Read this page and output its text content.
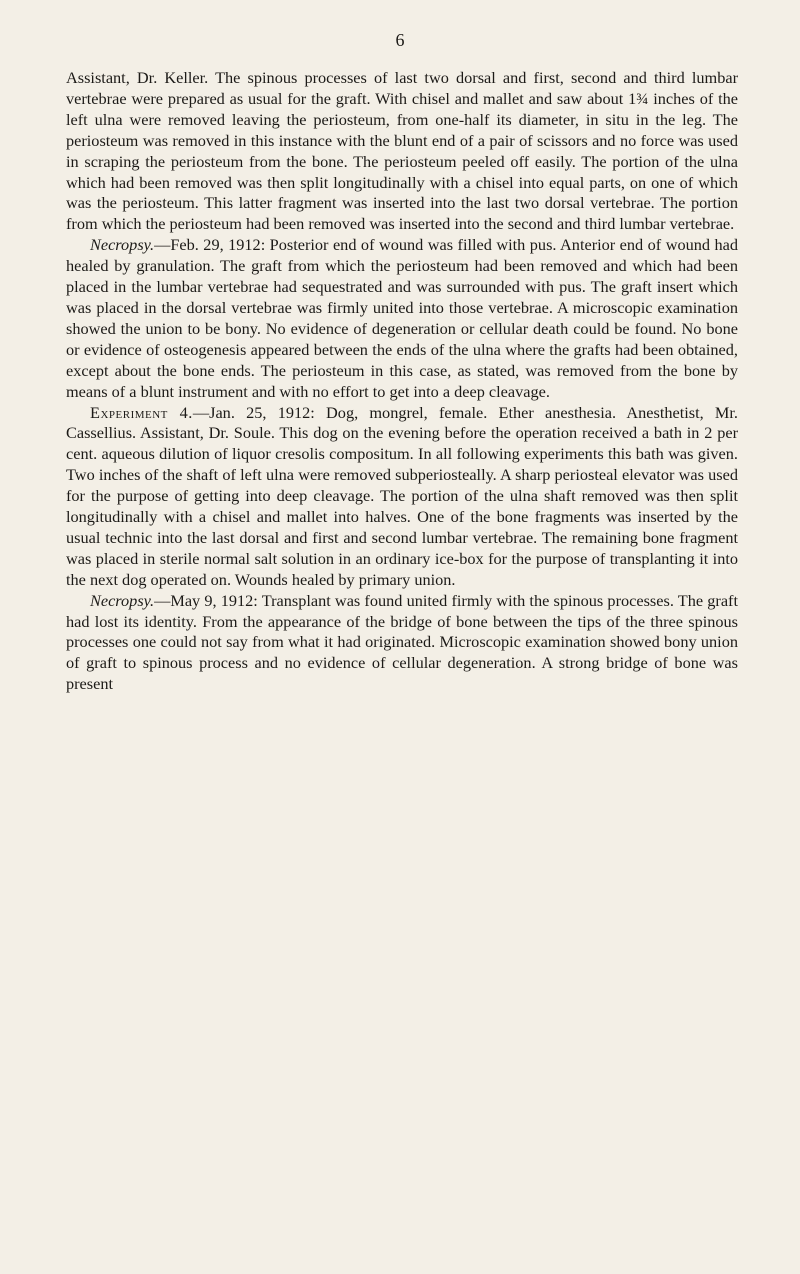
6

Assistant, Dr. Keller. The spinous processes of last two dorsal and first, second and third lumbar vertebrae were prepared as usual for the graft. With chisel and mallet and saw about 1¾ inches of the left ulna were removed leaving the periosteum, from one-half its diameter, in situ in the leg. The periosteum was removed in this instance with the blunt end of a pair of scissors and no force was used in scraping the periosteum from the bone. The periosteum peeled off easily. The portion of the ulna which had been removed was then split longitudinally with a chisel into equal parts, on one of which was the periosteum. This latter fragment was inserted into the last two dorsal vertebrae. The portion from which the periosteum had been removed was inserted into the second and third lumbar vertebrae.

Necropsy.—Feb. 29, 1912: Posterior end of wound was filled with pus. Anterior end of wound had healed by granulation. The graft from which the periosteum had been removed and which had been placed in the lumbar vertebrae had sequestrated and was surrounded with pus. The graft insert which was placed in the dorsal vertebrae was firmly united into those vertebrae. A microscopic examination showed the union to be bony. No evidence of degeneration or cellular death could be found. No bone or evidence of osteogenesis appeared between the ends of the ulna where the grafts had been obtained, except about the bone ends. The periosteum in this case, as stated, was removed from the bone by means of a blunt instrument and with no effort to get into a deep cleavage.

Experiment 4.—Jan. 25, 1912: Dog, mongrel, female. Ether anesthesia. Anesthetist, Mr. Cassellius. Assistant, Dr. Soule. This dog on the evening before the operation received a bath in 2 per cent. aqueous dilution of liquor cresolis compositum. In all following experiments this bath was given. Two inches of the shaft of left ulna were removed subperiosteally. A sharp periosteal elevator was used for the purpose of getting into deep cleavage. The portion of the ulna shaft removed was then split longitudinally with a chisel and mallet into halves. One of the bone fragments was inserted by the usual technic into the last dorsal and first and second lumbar vertebrae. The remaining bone fragment was placed in sterile normal salt solution in an ordinary ice-box for the purpose of transplanting it into the next dog operated on. Wounds healed by primary union.

Necropsy.—May 9, 1912: Transplant was found united firmly with the spinous processes. The graft had lost its identity. From the appearance of the bridge of bone between the tips of the three spinous processes one could not say from what it had originated. Microscopic examination showed bony union of graft to spinous process and no evidence of cellular degeneration. A strong bridge of bone was present
